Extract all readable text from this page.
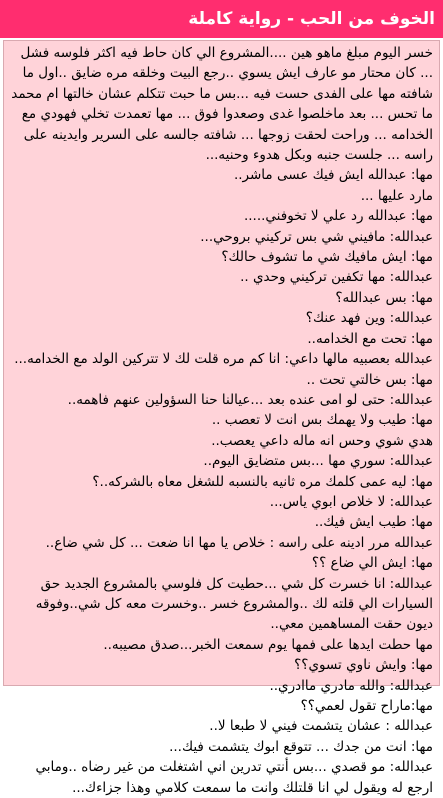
الخوف من الحب - رواية كاملة

خسر اليوم مبلغ ماهو هين ....المشروع الي كان حاط فيه اكثر فلوسه فشل ... كان محتار مو عارف ايش يسوي ..رجع البيت وخلقه مره ضايق ..اول ما شافته مها على الفدى حست فيه ...بس ما حبت تتكلم عشان خالتها ام محمد ما تحس ... بعد ماخلصوا غدى وصعدوا فوق ... مها تعمدت تخلي فهودي مع الخدامه ... وراحت لحقت زوجها ... شافته جالسه على السرير وايدينه على راسه ... جلست جنبه وبكل هدوء وحنيه...

مها: عبدالله ايش فيك عسى ماشر..

مارد عليها ...

مها: عبدالله رد علي لا تخوفني.....

عبدالله: مافيني شي بس تركيني بروحي...

مها: ايش مافيك شي ما تشوف حالك؟

عبدالله: مها تكفين تركيني وحدي ..

مها: بس عبدالله؟

عبدالله: وين فهد عنك؟

مها: تحت مع الخدامه..

عبدالله بعصبيه مالها داعي: انا كم مره قلت لك لا تتركين الولد مع الخدامه...

مها: بس خالتي تحت ..

عبدالله: حتى لو امى عنده بعد ...عيالنا حنا السؤولين عنهم فاهمه..

مها: طيب ولا يهمك بس انت لا تعصب ..

هدي شوي وحس انه ماله داعي يعصب..

عبدالله: سوري مها ...بس متضايق اليوم..

مها: ليه عمى كلمك مره ثانيه بالنسبه للشغل معاه بالشركه..؟

عبدالله: لا خلاص ابوي ياس...

مها: طيب ايش فيك..

عبدالله مرر ادينه على راسه : خلاص يا مها انا ضعت ... كل شي ضاع..

مها: ايش الي ضاع ؟؟

عبدالله: انا خسرت كل شي ...حطيت كل فلوسي بالمشروع الجديد حق السيارات الي قلته لك ..والمشروع خسر ..وخسرت معه كل شي..وفوقه ديون حقت المساهمين معي..

مها حطت ايدها على فمها يوم سمعت الخبر...صدق مصيبه..

مها: وايش ناوي تسوي؟؟

عبدالله: والله مادري ماادري..

مها:ماراح تقول لعمي؟؟

عبدالله : عشان يتشمت فيني لا طبعا لا..

مها: انت من جدك ... تتوقع ابوك يتشمت فيك...

عبدالله: مو قصدي ...بس أنتي تدرين اني اشتغلت من غير رضاه ..ومابي ارجع له ويقول لي انا قلتلك وانت ما سمعت كلامي وهذا جزاءك...
